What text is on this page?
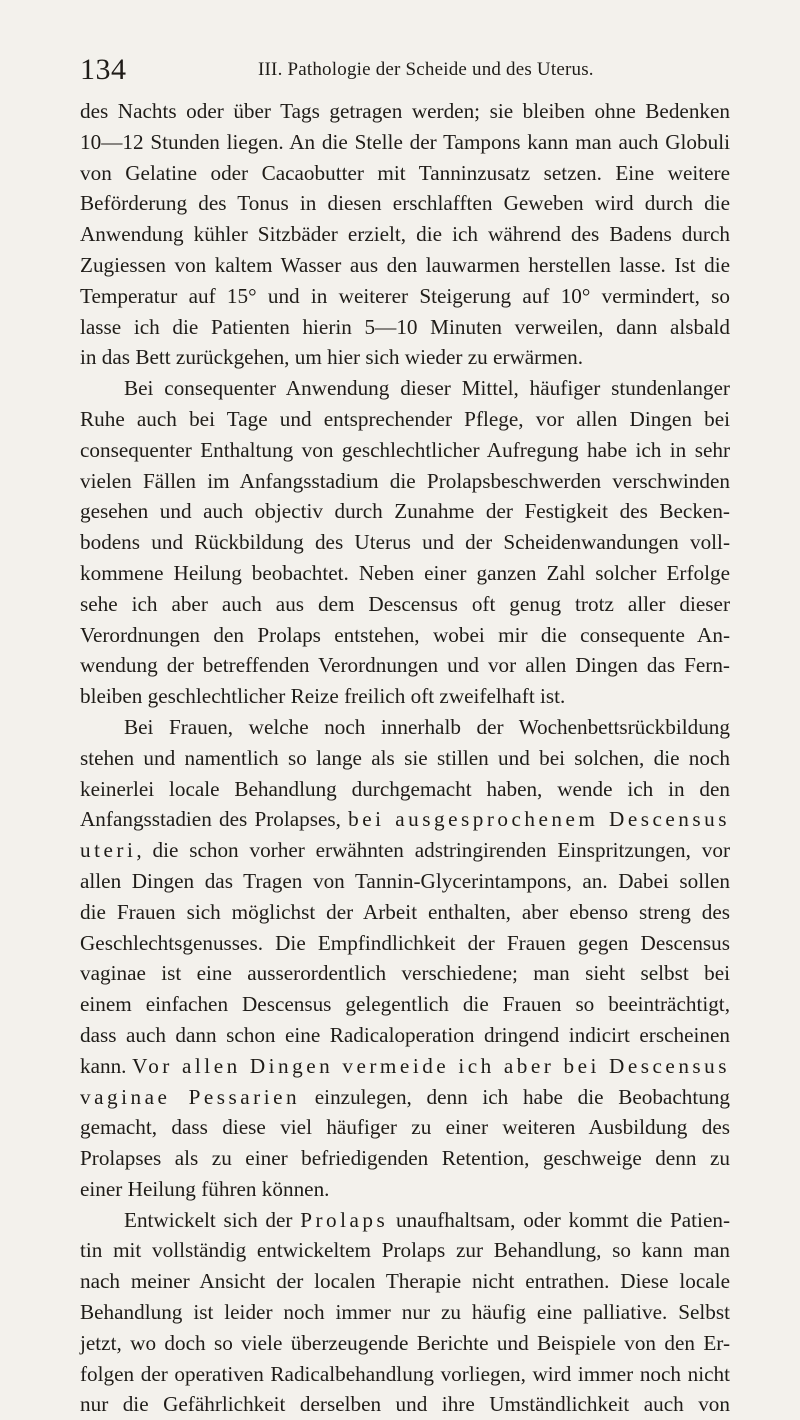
134	III. Pathologie der Scheide und des Uterus.
des Nachts oder über Tags getragen werden; sie bleiben ohne Bedenken
10—12 Stunden liegen. An die Stelle der Tampons kann man auch Globuli
von Gelatine oder Cacaobutter mit Tanninzusatz setzen. Eine weitere
Beförderung des Tonus in diesen erschlafften Geweben wird durch die
Anwendung kühler Sitzbäder erzielt, die ich während des Badens durch
Zugiessen von kaltem Wasser aus den lauwarmen herstellen lasse. Ist die
Temperatur auf 15° und in weiterer Steigerung auf 10° vermindert, so
lasse ich die Patienten hierin 5—10 Minuten verweilen, dann alsbald
in das Bett zurückgehen, um hier sich wieder zu erwärmen.
Bei consequenter Anwendung dieser Mittel, häufiger stundenlanger
Ruhe auch bei Tage und entsprechender Pflege, vor allen Dingen bei
consequenter Enthaltung von geschlechtlicher Aufregung habe ich in sehr
vielen Fällen im Anfangsstadium die Prolapsbeschwerden verschwinden
gesehen und auch objectiv durch Zunahme der Festigkeit des Becken-
bodens und Rückbildung des Uterus und der Scheidenwandungen voll-
kommene Heilung beobachtet. Neben einer ganzen Zahl solcher Erfolge
sehe ich aber auch aus dem Descensus oft genug trotz aller dieser
Verordnungen den Prolaps entstehen, wobei mir die consequente An-
wendung der betreffenden Verordnungen und vor allen Dingen das Fern-
bleiben geschlechtlicher Reize freilich oft zweifelhaft ist.
Bei Frauen, welche noch innerhalb der Wochenbettsrückbildung
stehen und namentlich so lange als sie stillen und bei solchen, die noch
keinerlei locale Behandlung durchgemacht haben, wende ich in den
Anfangsstadien des Prolapses, bei ausgesprochenem Descensus
uteri, die schon vorher erwähnten adstringirenden Einspritzungen, vor
allen Dingen das Tragen von Tannin-Glycerintampons, an. Dabei sollen
die Frauen sich möglichst der Arbeit enthalten, aber ebenso streng des
Geschlechtsgenusses. Die Empfindlichkeit der Frauen gegen Descensus
vaginae ist eine ausserordentlich verschiedene; man sieht selbst bei
einem einfachen Descensus gelegentlich die Frauen so beeinträchtigt,
dass auch dann schon eine Radicaloperation dringend indicirt erscheinen
kann. Vor allen Dingen vermeide ich aber bei Descensus
vaginae Pessarien einzulegen, denn ich habe die Beobachtung
gemacht, dass diese viel häufiger zu einer weiteren Ausbildung des
Prolapses als zu einer befriedigenden Retention, geschweige denn zu
einer Heilung führen können.
Entwickelt sich der Prolaps unaufhaltsam, oder kommt die Patien-
tin mit vollständig entwickeltem Prolaps zur Behandlung, so kann man
nach meiner Ansicht der localen Therapie nicht entrathen. Diese locale
Behandlung ist leider noch immer nur zu häufig eine palliative. Selbst
jetzt, wo doch so viele überzeugende Berichte und Beispiele von den Er-
folgen der operativen Radicalbehandlung vorliegen, wird immer noch nicht
nur die Gefährlichkeit derselben und ihre Umständlichkeit auch von
